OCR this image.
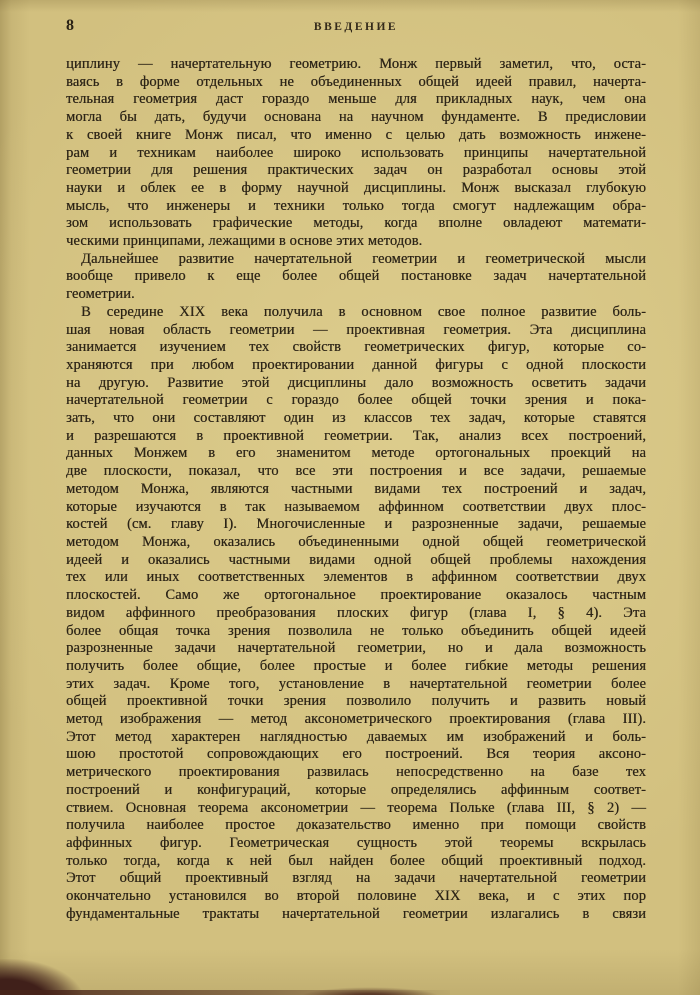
8	ВВЕДЕНИЕ
циплину — начертательную геометрию. Монж первый заметил, что, оста-
ваясь в форме отдельных не объединенных общей идеей правил, начерта-
тельная геометрия даст гораздо меньше для прикладных наук, чем она
могла бы дать, будучи основана на научном фундаменте. В предисловии
к своей книге Монж писал, что именно с целью дать возможность инжене-
рам и техникам наиболее широко использовать принципы начертательной
геометрии для решения практических задач он разработал основы этой
науки и облек ее в форму научной дисциплины. Монж высказал глубокую
мысль, что инженеры и техники только тогда смогут надлежащим обра-
зом использовать графические методы, когда вполне овладеют математи-
ческими принципами, лежащими в основе этих методов.
Дальнейшее развитие начертательной геометрии и геометрической мысли
вообще привело к еще более общей постановке задач начертательной
геометрии.
В середине XIX века получила в основном свое полное развитие боль-
шая новая область геометрии — проективная геометрия. Эта дисциплина
занимается изучением тех свойств геометрических фигур, которые со-
храняются при любом проектировании данной фигуры с одной плоскости
на другую. Развитие этой дисциплины дало возможность осветить задачи
начертательной геометрии с гораздо более общей точки зрения и пока-
зать, что они составляют один из классов тех задач, которые ставятся
и разрешаются в проективной геометрии. Так, анализ всех построений,
данных Монжем в его знаменитом методе ортогональных проекций на
две плоскости, показал, что все эти построения и все задачи, решаемые
методом Монжа, являются частными видами тех построений и задач,
которые изучаются в так называемом аффинном соответствии двух плос-
костей (см. главу I). Многочисленные и разрозненные задачи, решаемые
методом Монжа, оказались объединенными одной общей геометрической
идеей и оказались частными видами одной общей проблемы нахождения
тех или иных соответственных элементов в аффинном соответствии двух
плоскостей. Само же ортогональное проектирование оказалось частным
видом аффинного преобразования плоских фигур (глава I, § 4). Эта
более общая точка зрения позволила не только объединить общей идеей
разрозненные задачи начертательной геометрии, но и дала возможность
получить более общие, более простые и более гибкие методы решения
этих задач. Кроме того, установление в начертательной геометрии более
общей проективной точки зрения позволило получить и развить новый
метод изображения — метод аксонометрического проектирования (глава III).
Этот метод характерен наглядностью даваемых им изображений и боль-
шою простотой сопровождающих его построений. Вся теория аксоно-
метрического проектирования развилась непосредственно на базе тех
построений и конфигураций, которые определялись аффинным соответ-
ствием. Основная теорема аксонометрии — теорема Польке (глава III, § 2) —
получила наиболее простое доказательство именно при помощи свойств
аффинных фигур. Геометрическая сущность этой теоремы вскрылась
только тогда, когда к ней был найден более общий проективный подход.
Этот общий проективный взгляд на задачи начертательной геометрии
окончательно установился во второй половине XIX века, и с этих пор
фундаментальные трактаты начертательной геометрии излагались в связи
